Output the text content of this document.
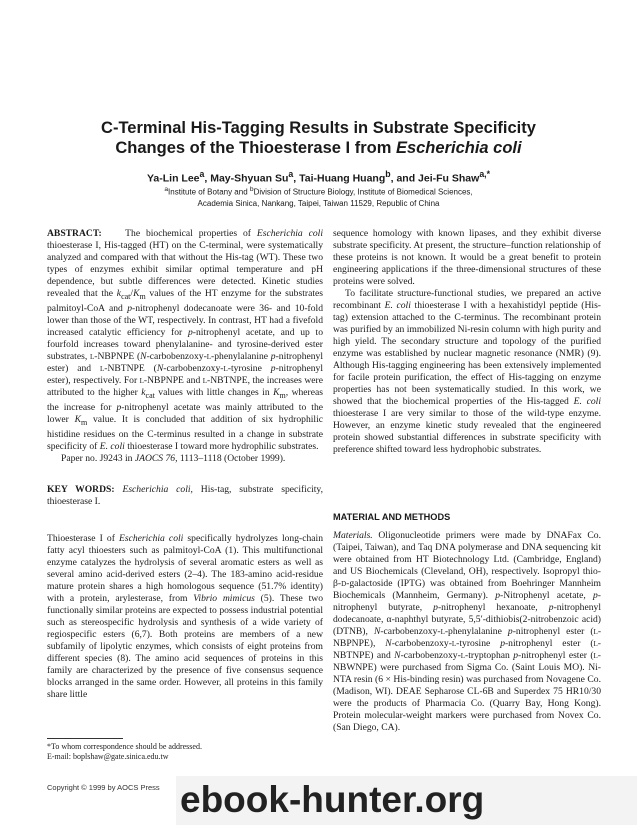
C-Terminal His-Tagging Results in Substrate Specificity
Changes of the Thioesterase I from Escherichia coli
Ya-Lin Lee$^a$, May-Shyuan Su$^a$, Tai-Huang Huang$^b$, and Jei-Fu Shaw$^{a,*}$
$^a$Institute of Botany and $^b$Division of Structure Biology, Institute of Biomedical Sciences,
Academia Sinica, Nankang, Taipei, Taiwan 11529, Republic of China

ABSTRACT: The biochemical properties of Escherichia coli thioesterase I, His-tagged (HT) on the C-terminal, were systematically analyzed and compared with that without the His-tag (WT). These two types of enzymes exhibit similar optimal temperature and pH dependence, but subtle differences were detected. Kinetic studies revealed that the $k_{cat}/K_m$ values of the HT enzyme for the substrates palmitoyl-CoA and p-nitrophenyl dodecanoate were 36- and 10-fold lower than those of the WT, respectively. In contrast, HT had a fivefold increased catalytic efficiency for p-nitrophenyl acetate, and up to fourfold increases toward phenylalanine- and tyrosine-derived ester substrates, l-NBPNPE (N-carbobenzoxy-l-phenylalanine p-nitrophenyl ester) and l-NBTNPE (N-carbobenzoxy-l-tyrosine p-nitrophenyl ester), respectively. For l-NBPNPE and l-NBTNPE, the increases were attributed to the higher $k_{cat}$ values with little changes in $K_m$, whereas the increase for p-nitrophenyl acetate was mainly attributed to the lower $K_m$ value. It is concluded that addition of six hydrophilic histidine residues on the C-terminus resulted in a change in substrate specificity of E. coli thioesterase I toward more hydrophilic substrates.

Paper no. J9243 in JAOCS 76, 1113–1118 (October 1999).

KEY WORDS: Escherichia coli, His-tag, substrate specificity, thioesterase I.

Thioesterase I of Escherichia coli specifically hydrolyzes long-chain fatty acyl thioesters such as palmitoyl-CoA (1). This multifunctional enzyme catalyzes the hydrolysis of several aromatic esters as well as several amino acid-derived esters (2–4). The 183-amino acid-residue mature protein shares a high homologous sequence (51.7% identity) with a protein, arylesterase, from Vibrio mimicus (5). These two functionally similar proteins are expected to possess industrial potential such as stereospecific hydrolysis and synthesis of a wide variety of regiospecific esters (6,7). Both proteins are members of a new subfamily of lipolytic enzymes, which consists of eight proteins from different species (8). The amino acid sequences of proteins in this family are characterized by the presence of five consensus sequence blocks arranged in the same order. However, all proteins in this family share little

sequence homology with known lipases, and they exhibit diverse substrate specificity. At present, the structure–function relationship of these proteins is not known. It would be a great benefit to protein engineering applications if the three-dimensional structures of these proteins were solved.

To facilitate structure-functional studies, we prepared an active recombinant E. coli thioesterase I with a hexahistidyl peptide (His-tag) extension attached to the C-terminus. The recombinant protein was purified by an immobilized Ni-resin column with high purity and high yield. The secondary structure and topology of the purified enzyme was established by nuclear magnetic resonance (NMR) (9). Although His-tagging engineering has been extensively implemented for facile protein purification, the effect of His-tagging on enzyme properties has not been systematically studied. In this work, we showed that the biochemical properties of the His-tagged E. coli thioesterase I are very similar to those of the wild-type enzyme. However, an enzyme kinetic study revealed that the engineered protein showed substantial differences in substrate specificity with preference shifted toward less hydrophobic substrates.

MATERIAL AND METHODS

Materials. Oligonucleotide primers were made by DNAFax Co. (Taipei, Taiwan), and Taq DNA polymerase and DNA sequencing kit were obtained from HT Biotechnology Ltd. (Cambridge, England) and US Biochemicals (Cleveland, OH), respectively. Isopropyl thio-β-d-galactoside (IPTG) was obtained from Boehringer Mannheim Biochemicals (Mannheim, Germany). p-Nitrophenyl acetate, p-nitrophenyl butyrate, p-nitrophenyl hexanoate, p-nitrophenyl dodecanoate, α-naphthyl butyrate, 5,5′-dithiobis(2-nitrobenzoic acid) (DTNB), N-carbobenzoxy-l-phenylalanine p-nitrophenyl ester (l-NBPNPE), N-carbobenzoxy-l-tyrosine p-nitrophenyl ester (l-NBTNPE) and N-carbobenzoxy-l-tryptophan p-nitrophenyl ester (l-NBWNPE) were purchased from Sigma Co. (Saint Louis MO). Ni-NTA resin (6 × His-binding resin) was purchased from Novagene Co. (Madison, WI). DEAE Sepharose CL-6B and Superdex 75 HR10/30 were the products of Pharmacia Co. (Quarry Bay, Hong Kong). Protein molecular-weight markers were purchased from Novex Co. (San Diego, CA).

*To whom correspondence should be addressed.
E-mail: boplshaw@gate.sinica.edu.tw
Copyright © 1999 by AOCS Press ebook-hunter.org
